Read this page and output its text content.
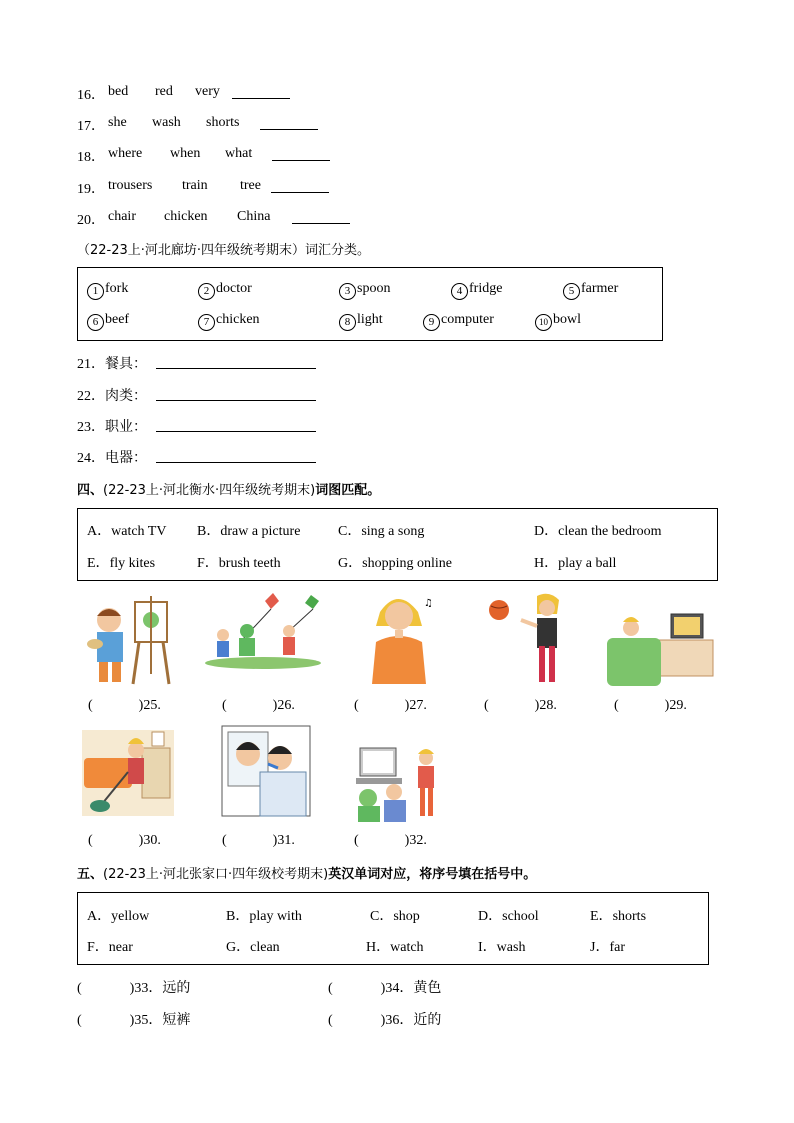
16． bed red very
17． she wash shorts
18． where when what
19． trousers train tree
20． chair chicken China
（22-23上·河北廊坊·四年级统考期末）词汇分类。
1 fork	2 doctor	3 spoon	4 fridge	5 farmer
6 beef	7 chicken	8 light	9 computer	10 bowl
21．餐具：
22．肉类：
23．职业：
24．电器：
四、(22-23上·河北衡水·四年级统考期末)词图匹配。
A．watch TV B．draw a picture	C．sing a song	D．clean the bedroom
E．fly kites	F．brush teeth	G．shopping online	H．play a ball
♫
(	)25.	(	)26.	(	)27.	(	)28.	(	)29.
(	)30.	(	)31.	(	)32.
五、(22-23上·河北张家口·四年级校考期末)英汉单词对应，将序号填在括号中。
A．yellow	B．play with	C．shop	D．school	E．shorts
F．near	G．clean	H．watch	I．wash	J．far
(	)33．远的	(	)34．黄色
(	)35．短裤	(	)36．近的
